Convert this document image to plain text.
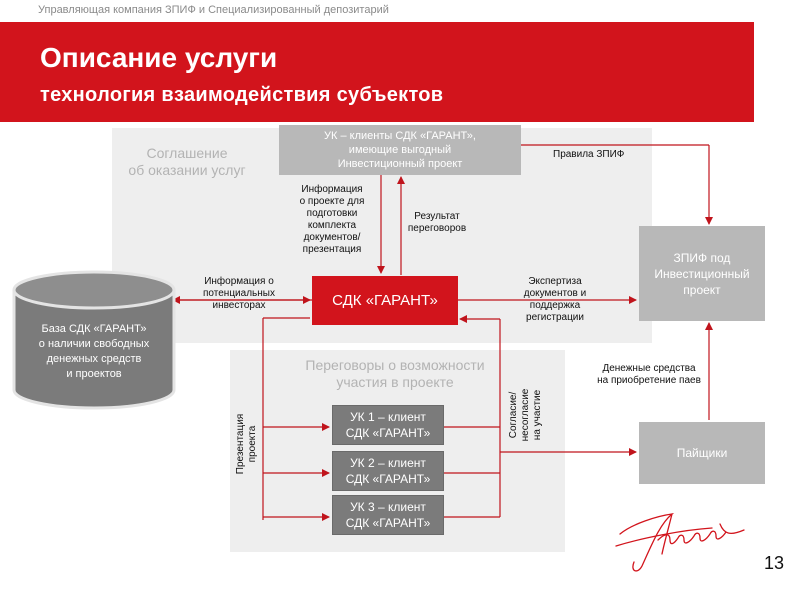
Управляющая компания ЗПИФ и Специализированный депозитарий
Описание услуги
технология взаимодействия субъектов
Соглашение
об оказании услуг
Переговоры о возможности
участия в проекте
УК – клиенты СДК «ГАРАНТ»,
имеющие выгодный
Инвестиционный проект
СДК «ГАРАНТ»
ЗПИФ под
Инвестиционный
проект
Пайщики
УК 1 – клиент
СДК «ГАРАНТ»
УК 2 – клиент
СДК «ГАРАНТ»
УК 3 – клиент
СДК «ГАРАНТ»
База СДК «ГАРАНТ»
о наличии свободных
денежных средств
и проектов
Правила ЗПИФ
Информация
о проекте для
подготовки
комплекта
документов/
презентация
Результат
переговоров
Информация о
потенциальных
инвесторах
Экспертиза
документов и
поддержка
регистрации
Денежные средства
на приобретение паев
Согласие/ несогласие на участие
Презентация проекта
13
